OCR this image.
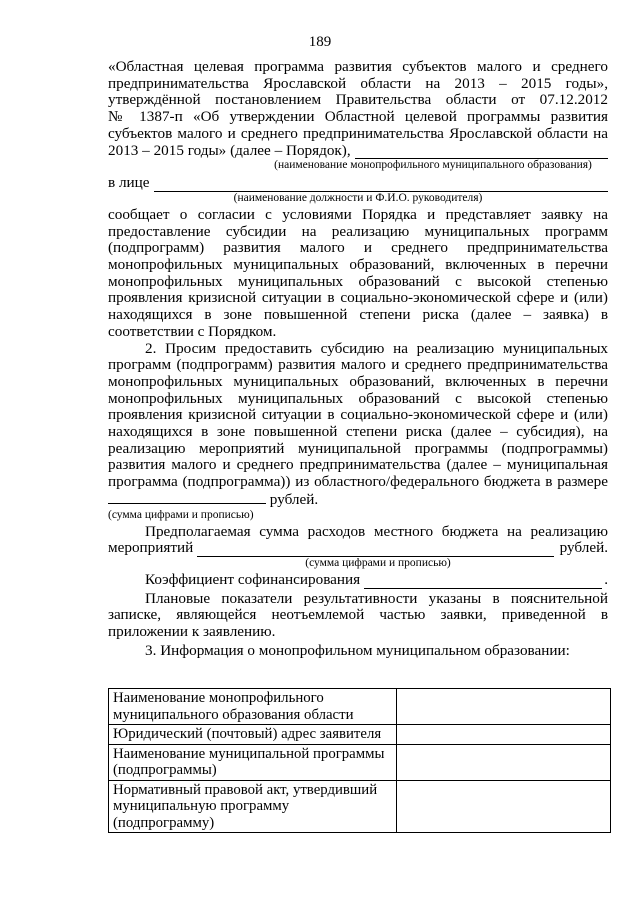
189

«Областная целевая программа развития субъектов малого и среднего

предпринимательства Ярославской области на 2013 – 2015 годы»,

утверждённой постановлением Правительства области от 07.12.2012

№ 1387-п «Об утверждении Областной целевой программы развития

субъектов малого и среднего предпринимательства Ярославской области на

2013 – 2015 годы» (далее – Порядок),
(наименование монопрофильного муниципального образования)
в лице
(наименование должности и Ф.И.О. руководителя)

сообщает о согласии с условиями Порядка и представляет заявку на

предоставление субсидии на реализацию муниципальных программ

(подпрограмм) развития малого и среднего предпринимательства

монопрофильных муниципальных образований, включенных в перечни

монопрофильных муниципальных образований с высокой степенью

проявления кризисной ситуации в социально-экономической сфере и (или)

находящихся в зоне повышенной степени риска (далее – заявка) в

соответствии с Порядком.

2. Просим предоставить субсидию на реализацию муниципальных

программ (подпрограмм) развития малого и среднего предпринимательства

монопрофильных муниципальных образований, включенных в перечни

монопрофильных муниципальных образований с высокой степенью

проявления кризисной ситуации в социально-экономической сфере и (или)

находящихся в зоне повышенной степени риска (далее – субсидия), на

реализацию мероприятий муниципальной программы (подпрограммы)

развития малого и среднего предпринимательства (далее – муниципальная

программа (подпрограмма)) из областного/федерального бюджета в размере

рублей.

(сумма цифрами и прописью)

Предполагаемая сумма расходов местного бюджета на реализацию

мероприятий	рублей.
(сумма цифрами и прописью)
Коэффициент софинансирования	.

Плановые показатели результативности указаны в пояснительной

записке, являющейся неотъемлемой частью заявки, приведенной в

приложении к заявлению.

3. Информация о монопрофильном муниципальном образовании:

Наименование монопрофильного муниципального образования области	
Юридический (почтовый) адрес заявителя	
Наименование муниципальной программы (подпрограммы)	
Нормативный правовой акт, утвердивший муниципальную программу (подпрограмму)	
